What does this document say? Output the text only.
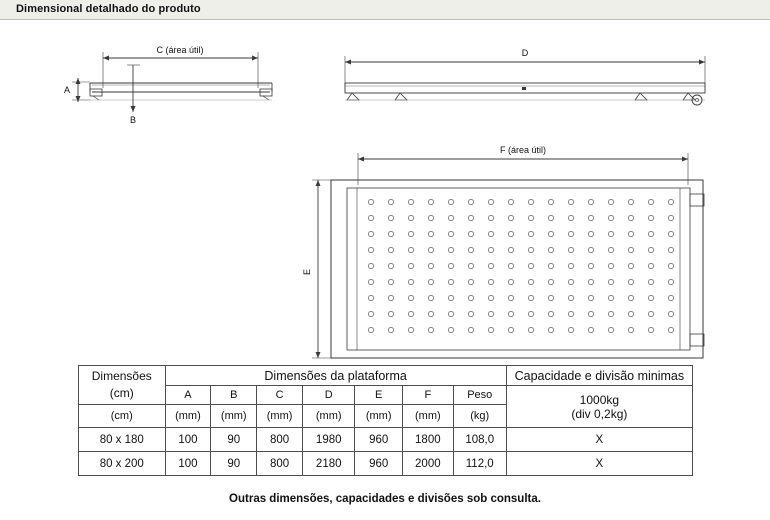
Dimensional detalhado do produto
C (área útil)
A
B
D
F (área útil)
E
Dimensões
(cm)	Dimensões da plataforma							Capacidade e divisão minimas
	A	B	C	D	E	F	Peso	1000kg
(div 0,2kg)

(cm)	(mm)	(mm)	(mm)	(mm)	(mm)	(mm)	(kg)	
80 x 180	100	90	800	1980	960	1800	108,0	X
80 x 200	100	90	800	2180	960	2000	112,0	X
Outras dimensões, capacidades e divisões sob consulta.
